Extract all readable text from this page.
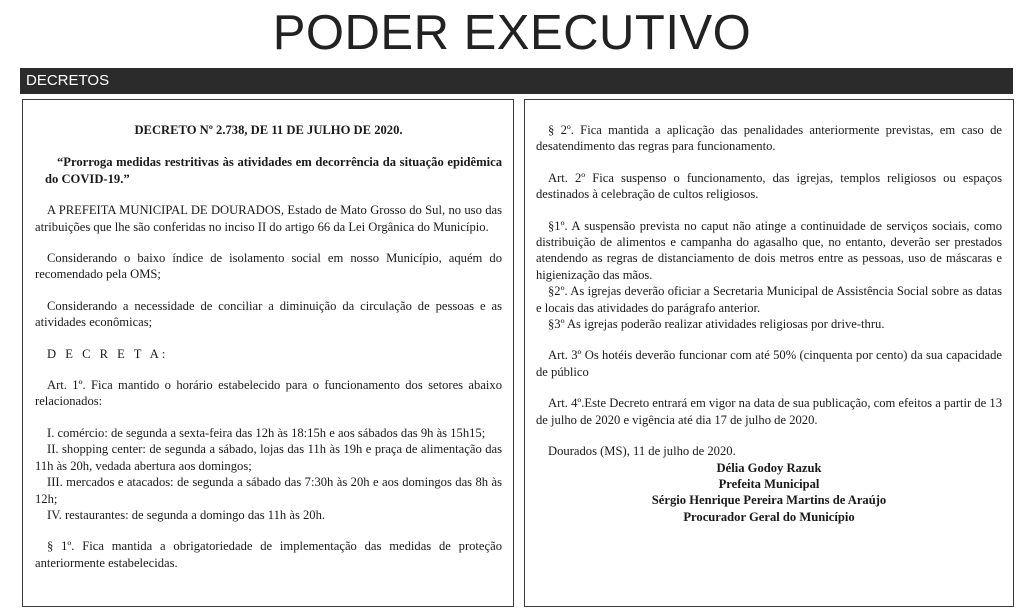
PODER EXECUTIVO
DECRETOS

DECRETO Nº 2.738, DE 11 DE JULHO DE 2020.

“Prorroga medidas restritivas às atividades em decorrência da situação epidêmica do COVID-19.”

A PREFEITA MUNICIPAL DE DOURADOS, Estado de Mato Grosso do Sul, no uso das atribuições que lhe são conferidas no inciso II do artigo 66 da Lei Orgânica do Município.

Considerando o baixo índice de isolamento social em nosso Município, aquém do recomendado pela OMS;

Considerando a necessidade de conciliar a diminuição da circulação de pessoas e as atividades econômicas;

D E C R E T A:

Art. 1º. Fica mantido o horário estabelecido para o funcionamento dos setores abaixo relacionados:

I. comércio: de segunda a sexta-feira das 12h às 18:15h e aos sábados das 9h às 15h15;

II. shopping center: de segunda a sábado, lojas das 11h às 19h e praça de alimentação das 11h às 20h, vedada abertura aos domingos;

III. mercados e atacados: de segunda a sábado das 7:30h às 20h e aos domingos das 8h às 12h;

IV. restaurantes: de segunda a domingo das 11h às 20h.

§ 1º. Fica mantida a obrigatoriedade de implementação das medidas de proteção anteriormente estabelecidas.

§ 2º. Fica mantida a aplicação das penalidades anteriormente previstas, em caso de desatendimento das regras para funcionamento.

Art. 2º Fica suspenso o funcionamento, das igrejas, templos religiosos ou espaços destinados à celebração de cultos religiosos.

§1º. A suspensão prevista no caput não atinge a continuidade de serviços sociais, como distribuição de alimentos e campanha do agasalho que, no entanto, deverão ser prestados atendendo as regras de distanciamento de dois metros entre as pessoas, uso de máscaras e higienização das mãos.

§2º. As igrejas deverão oficiar a Secretaria Municipal de Assistência Social sobre as datas e locais das atividades do parágrafo anterior.

§3º As igrejas poderão realizar atividades religiosas por drive-thru.

Art. 3º Os hotéis deverão funcionar com até 50% (cinquenta por cento) da sua capacidade de público

Art. 4º.Este Decreto entrará em vigor na data de sua publicação, com efeitos a partir de 13 de julho de 2020 e vigência até dia 17 de julho de 2020.

Dourados (MS), 11 de julho de 2020.

Délia Godoy Razuk

Prefeita Municipal

Sérgio Henrique Pereira Martins de Araújo

Procurador Geral do Município
